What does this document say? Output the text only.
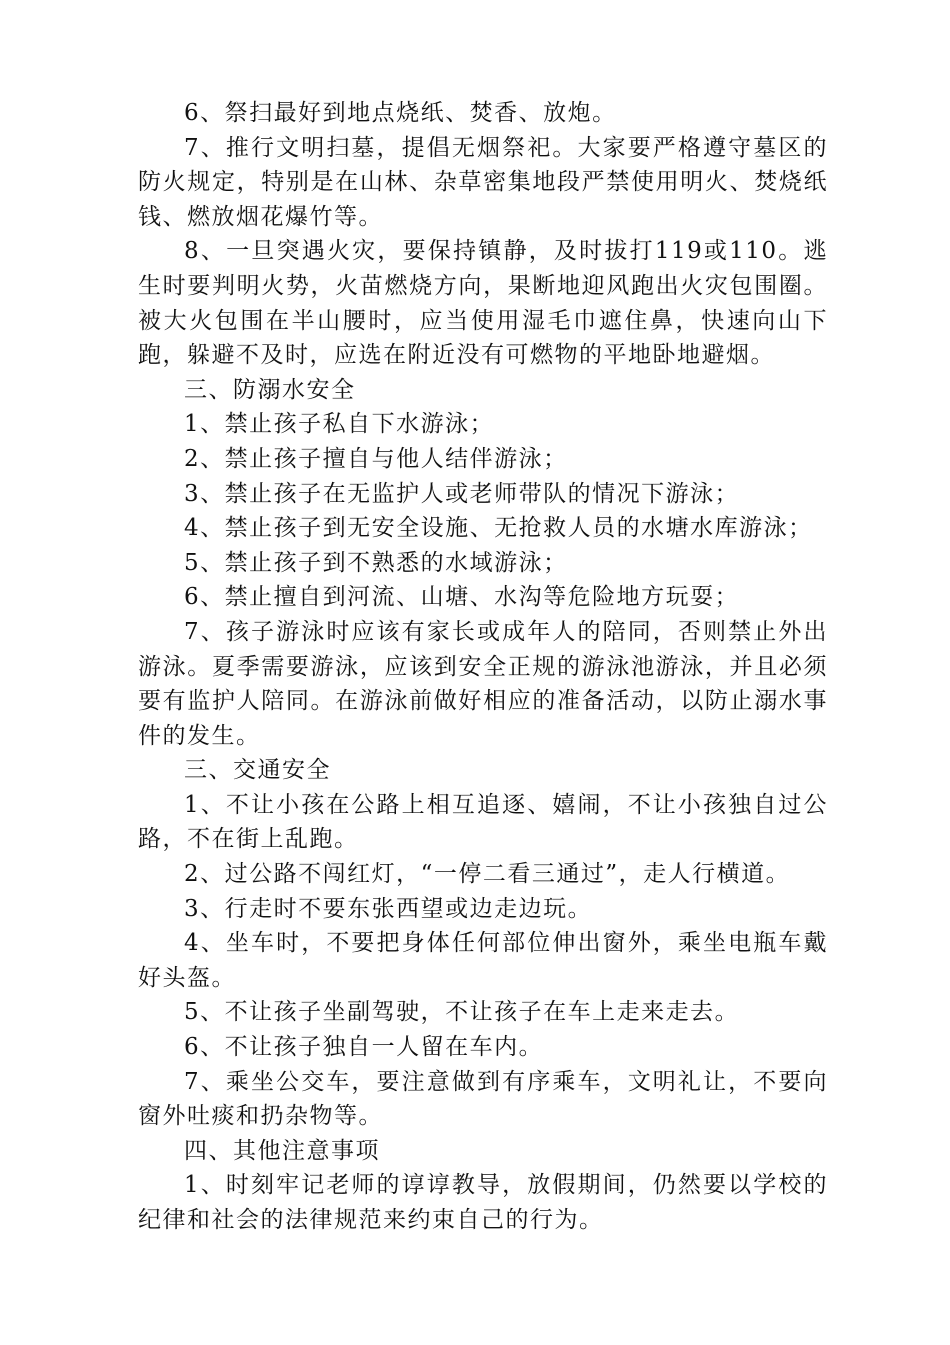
6、祭扫最好到地点烧纸、焚香、放炮。

7、推行文明扫墓，提倡无烟祭祀。大家要严格遵守墓区的防火规定，特别是在山林、杂草密集地段严禁使用明火、焚烧纸钱、燃放烟花爆竹等。

8、一旦突遇火灾，要保持镇静，及时拔打119或110。逃生时要判明火势，火苗燃烧方向，果断地迎风跑出火灾包围圈。被大火包围在半山腰时，应当使用湿毛巾遮住鼻，快速向山下跑，躲避不及时，应选在附近没有可燃物的平地卧地避烟。

三、防溺水安全

1、禁止孩子私自下水游泳；

2、禁止孩子擅自与他人结伴游泳；

3、禁止孩子在无监护人或老师带队的情况下游泳；

4、禁止孩子到无安全设施、无抢救人员的水塘水库游泳；

5、禁止孩子到不熟悉的水域游泳；

6、禁止擅自到河流、山塘、水沟等危险地方玩耍；

7、孩子游泳时应该有家长或成年人的陪同，否则禁止外出游泳。夏季需要游泳，应该到安全正规的游泳池游泳，并且必须要有监护人陪同。在游泳前做好相应的准备活动，以防止溺水事件的发生。

三、交通安全

1、不让小孩在公路上相互追逐、嬉闹，不让小孩独自过公路，不在街上乱跑。

2、过公路不闯红灯，“一停二看三通过”，走人行横道。

3、行走时不要东张西望或边走边玩。

4、坐车时，不要把身体任何部位伸出窗外，乘坐电瓶车戴好头盔。

5、不让孩子坐副驾驶，不让孩子在车上走来走去。

6、不让孩子独自一人留在车内。

7、乘坐公交车，要注意做到有序乘车，文明礼让，不要向窗外吐痰和扔杂物等。

四、其他注意事项

1、时刻牢记老师的谆谆教导，放假期间，仍然要以学校的纪律和社会的法律规范来约束自己的行为。
